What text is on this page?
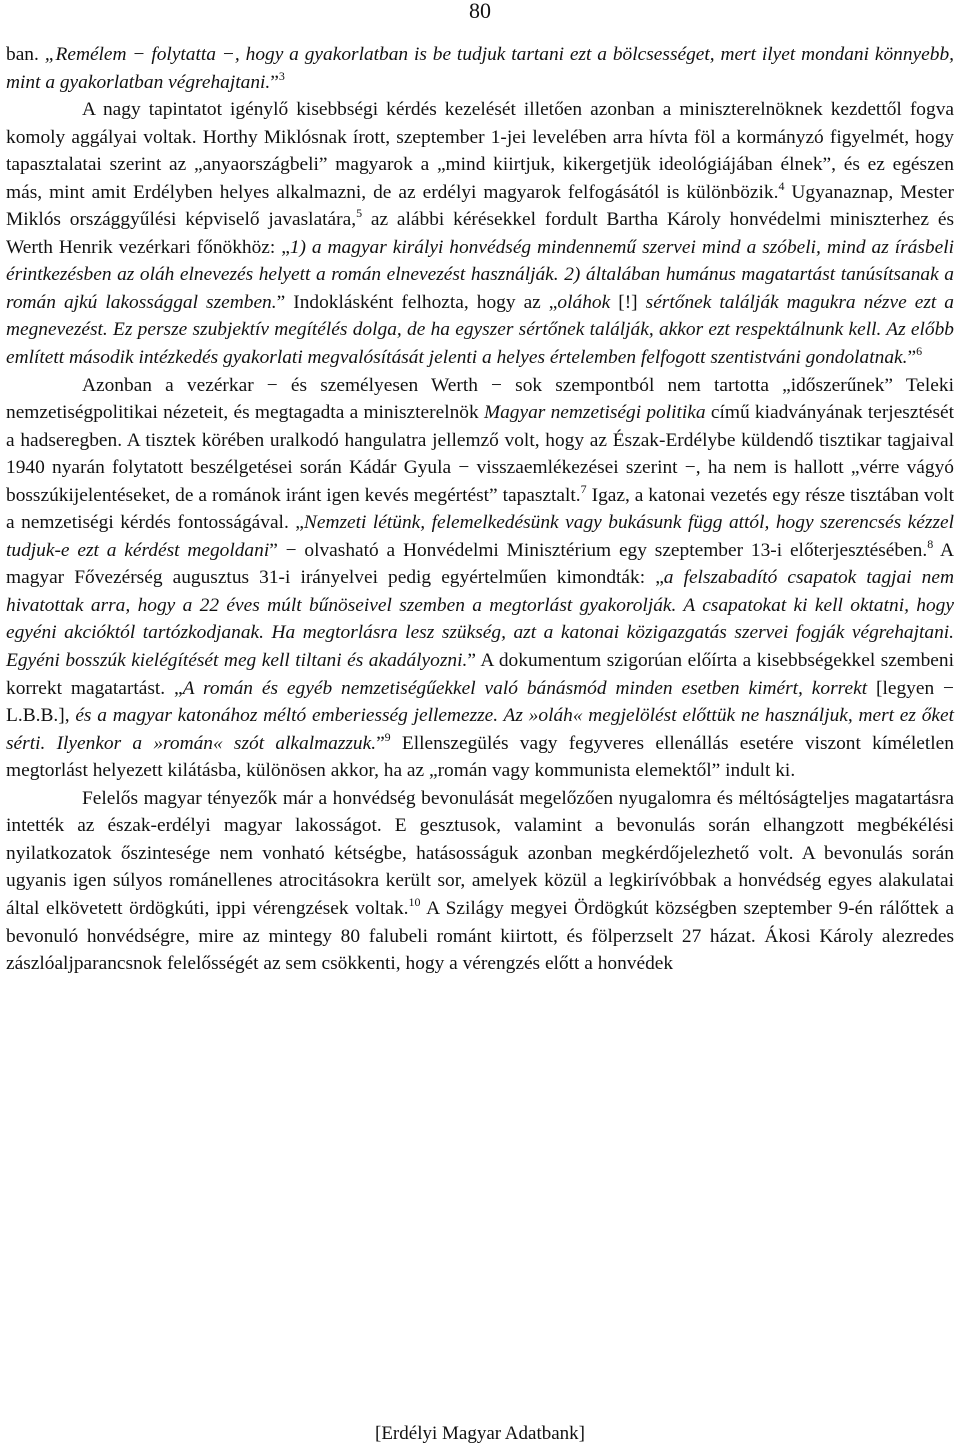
80

ban. „Remélem − folytatta −, hogy a gyakorlatban is be tudjuk tartani ezt a bölcsességet, mert ilyet mondani könnyebb, mint a gyakorlatban végrehajtani.”$^3$

A nagy tapintatot igénylő kisebbségi kérdés kezelését illetően azonban a miniszterelnöknek kezdettől fogva komoly aggályai voltak. Horthy Miklósnak írott, szeptember 1-jei levelében arra hívta föl a kormányzó figyelmét, hogy tapasztalatai szerint az „anyaországbeli” magyarok a „mind kiirtjuk, kikergetjük ideológiájában élnek”, és ez egészen más, mint amit Erdélyben helyes alkalmazni, de az erdélyi magyarok felfogásától is különbözik.$^4$ Ugyanaznap, Mester Miklós országgyűlési képviselő javaslatára,$^5$ az alábbi kérésekkel fordult Bartha Károly honvédelmi miniszterhez és Werth Henrik vezérkari főnökhöz: „1) a magyar királyi honvédség mindennemű szervei mind a szóbeli, mind az írásbeli érintkezésben az oláh elnevezés helyett a román elnevezést használják. 2) általában humánus magatartást tanúsítsanak a román ajkú lakossággal szemben.” Indoklásként felhozta, hogy az „oláhok [!] sértőnek találják magukra nézve ezt a megnevezést. Ez persze szubjektív megítélés dolga, de ha egyszer sértőnek találják, akkor ezt respektálnunk kell. Az előbb említett második intézkedés gyakorlati megvalósítását jelenti a helyes értelemben felfogott szentistváni gondolatnak.”$^6$

Azonban a vezérkar − és személyesen Werth − sok szempontból nem tartotta „időszerűnek” Teleki nemzetiségpolitikai nézeteit, és megtagadta a miniszterelnök Magyar nemzetiségi politika című kiadványának terjesztését a hadseregben. A tisztek körében uralkodó hangulatra jellemző volt, hogy az Észak-Erdélybe küldendő tisztikar tagjaival 1940 nyarán folytatott beszélgetései során Kádár Gyula − visszaemlékezései szerint −, ha nem is hallott „vérre vágyó bosszúkijelentéseket, de a románok iránt igen kevés megértést” tapasztalt.$^7$ Igaz, a katonai vezetés egy része tisztában volt a nemzetiségi kérdés fontosságával. „Nemzeti létünk, felemelkedésünk vagy bukásunk függ attól, hogy szerencsés kézzel tudjuk-e ezt a kérdést megoldani” − olvasható a Honvédelmi Minisztérium egy szeptember 13-i előterjesztésében.$^8$ A magyar Fővezérség augusztus 31-i irányelvei pedig egyértelműen kimondták: „a felszabadító csapatok tagjai nem hivatottak arra, hogy a 22 éves múlt bűnöseivel szemben a megtorlást gyakorolják. A csapatokat ki kell oktatni, hogy egyéni akcióktól tartózkodjanak. Ha megtorlásra lesz szükség, azt a katonai közigazgatás szervei fogják végrehajtani. Egyéni bosszúk kielégítését meg kell tiltani és akadályozni.” A dokumentum szigorúan előírta a kisebbségekkel szembeni korrekt magatartást. „A román és egyéb nemzetiségűekkel való bánásmód minden esetben kimért, korrekt [legyen − L.B.B.], és a magyar katonához méltó emberiesség jellemezze. Az »oláh« megjelölést előttük ne használjuk, mert ez őket sérti. Ilyenkor a »román« szót alkalmazzuk.”$^9$ Ellenszegülés vagy fegyveres ellenállás esetére viszont kíméletlen megtorlást helyezett kilátásba, különösen akkor, ha az „román vagy kommunista elemektől” indult ki.

Felelős magyar tényezők már a honvédség bevonulását megelőzően nyugalomra és méltóságteljes magatartásra intették az észak-erdélyi magyar lakosságot. E gesztusok, valamint a bevonulás során elhangzott megbékélési nyilatkozatok őszintesége nem vonható kétségbe, hatásosságuk azonban megkérdőjelezhető volt. A bevonulás során ugyanis igen súlyos románellenes atrocitásokra került sor, amelyek közül a legkirívóbbak a honvédség egyes alakulatai által elkövetett ördögkúti, ippi vérengzések voltak.$^{10}$ A Szilágy megyei Ördögkút községben szeptember 9-én rálőttek a bevonuló honvédségre, mire az mintegy 80 falubeli románt kiirtott, és fölperzselt 27 házat. Ákosi Károly alezredes zászlóaljparancsnok felelősségét az sem csökkenti, hogy a vérengzés előtt a honvédek

[Erdélyi Magyar Adatbank]
